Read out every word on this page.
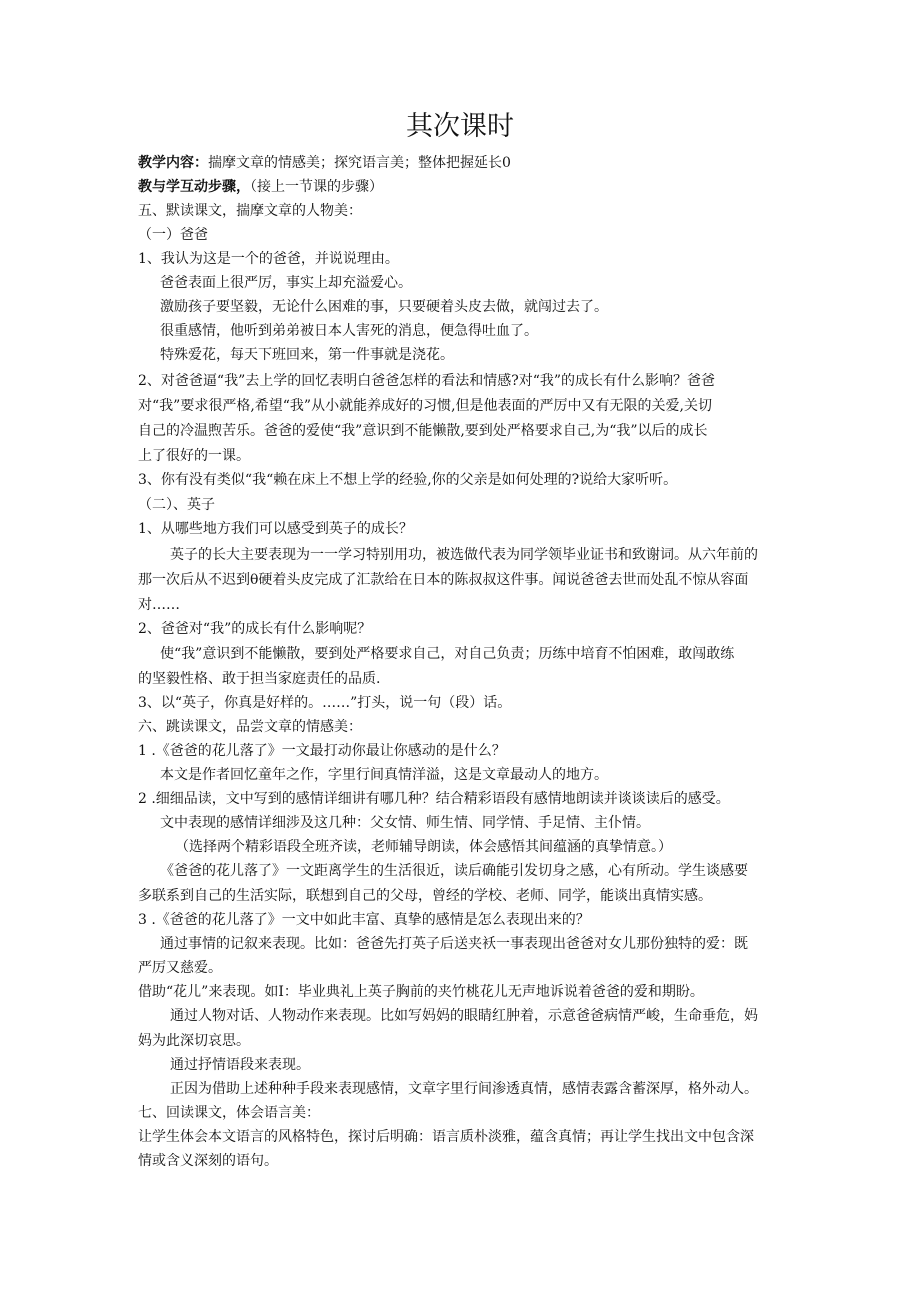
其次课时

教学内容：揣摩文章的情感美；探究语言美；整体把握延长0

教与学互动步骤，（接上一节课的步骤）

五、默读课文，揣摩文章的人物美：

（一）爸爸

1、我认为这是一个的爸爸，并说说理由。

爸爸表面上很严厉，事实上却充溢爱心。

激励孩子要坚毅，无论什么困难的事，只要硬着头皮去做，就闯过去了。

很重感情，他听到弟弟被日本人害死的消息，便急得吐血了。

特殊爱花，每天下班回来，第一件事就是浇花。

2、对爸爸逼“我”去上学的回忆表明白爸爸怎样的看法和情感?对“我”的成长有什么影响？爸爸

对“我”要求很严格,希望“我”从小就能养成好的习惯,但是他表面的严厉中又有无限的关爱,关切

自己的冷温煦苦乐。爸爸的爱使“我”意识到不能懒散,要到处严格要求自己,为“我”以后的成长

上了很好的一课。

3、你有没有类似“我“赖在床上不想上学的经验,你的父亲是如何处理的?说给大家听听。

（二）、英子

1、从哪些地方我们可以感受到英子的成长？

英子的长大主要表现为一一学习特别用功，被选做代表为同学领毕业证书和致谢词。从六年前的

那一次后从不迟到θ硬着头皮完成了汇款给在日本的陈叔叔这件事。闻说爸爸去世而处乱不惊从容面

对……

2、爸爸对“我”的成长有什么影响呢？

使“我”意识到不能懒散，要到处严格要求自己，对自己负责；历练中培育不怕困难，敢闯敢练

的坚毅性格、敢于担当家庭责任的品质.

3、以“英子，你真是好样的。……”打头，说一句（段）话。

六、跳读课文，品尝文章的情感美：

1 .《爸爸的花儿落了》一文最打动你最让你感动的是什么？

本文是作者回忆童年之作，字里行间真情洋溢，这是文章最动人的地方。

2 .细细品读，文中写到的感情详细讲有哪几种？结合精彩语段有感情地朗读并谈谈读后的感受。

文中表现的感情详细涉及这几种：父女情、师生情、同学情、手足情、主仆情。

（选择两个精彩语段全班齐读，老师辅导朗读，体会感悟其间蕴涵的真挚情意。）

《爸爸的花儿落了》一文距离学生的生活很近，读后确能引发切身之感，心有所动。学生谈感要

多联系到自己的生活实际，联想到自己的父母，曾经的学校、老师、同学，能谈出真情实感。

3 .《爸爸的花儿落了》一文中如此丰富、真挚的感情是怎么表现出来的？

通过事情的记叙来表现。比如：爸爸先打英子后送夹袄一事表现出爸爸对女儿那份独特的爱：既

严厉又慈爱。

借助“花儿”来表现。如Ⅰ：毕业典礼上英子胸前的夹竹桃花儿无声地诉说着爸爸的爱和期盼。

通过人物对话、人物动作来表现。比如写妈妈的眼睛红肿着，示意爸爸病情严峻，生命垂危，妈

妈为此深切哀思。

通过抒情语段来表现。

正因为借助上述种种手段来表现感情，文章字里行间渗透真情，感情表露含蓄深厚，格外动人。

七、回读课文，体会语言美：

让学生体会本文语言的风格特色，探讨后明确：语言质朴淡雅，蕴含真情；再让学生找出文中包含深

情或含义深刻的语句。
